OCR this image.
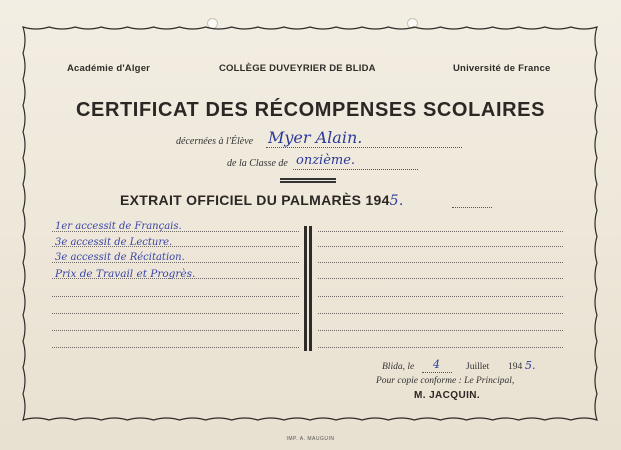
Académie d'Alger	COLLÈGE DUVEYRIER DE BLIDA	Université de France
CERTIFICAT DES RÉCOMPENSES SCOLAIRES
décernées à l'Élève Myer Alain.
de la Classe de onzième.
EXTRAIT OFFICIEL DU PALMARÈS 1945.
1er accessit de Français.
3e accessit de Lecture.
3e accessit de Récitation.
Prix de Travail et Progrès.
Blida, le 4	Juillet 194 5.
Pour copie conforme : Le Principal,
M. JACQUIN.
IMP. A. MAUGUIN
